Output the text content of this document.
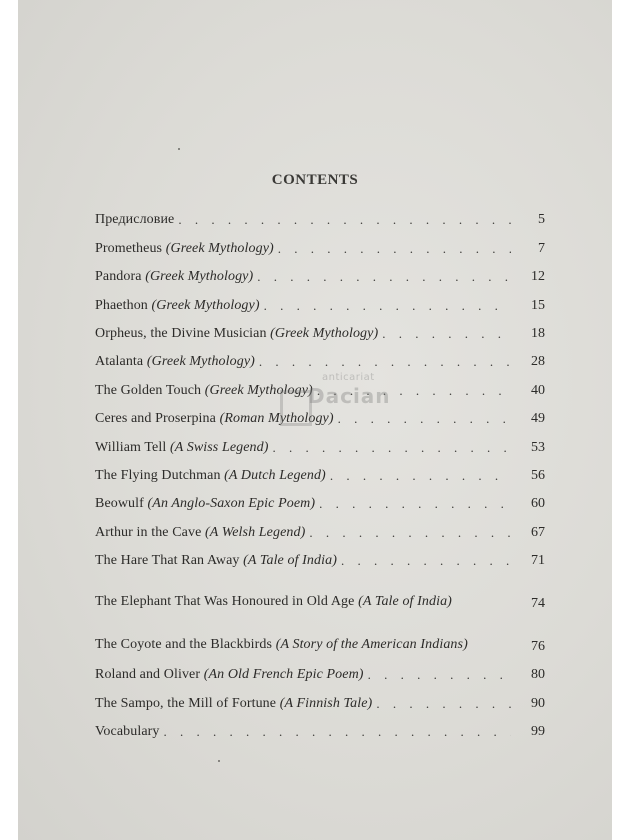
CONTENTS
Предисловие . . .	5
Prometheus (Greek Mythology) . . .	7
Pandora (Greek Mythology) . . .	12
Phaethon (Greek Mythology) . . .	15
Orpheus, the Divine Musician (Greek Mythology) . . .	18
Atalanta (Greek Mythology) . . .	28
The Golden Touch (Greek Mythology) . . .	40
Ceres and Proserpina (Roman Mythology) . . .	49
William Tell (A Swiss Legend) . . .	53
The Flying Dutchman (A Dutch Legend) . . .	56
Beowulf (An Anglo-Saxon Epic Poem) . . .	60
Arthur in the Cave (A Welsh Legend) . . .	67
The Hare That Ran Away (A Tale of India) . . .	71
The Elephant That Was Honoured in Old Age (A Tale of India)	74
The Coyote and the Blackbirds (A Story of the American Indians)	76
Roland and Oliver (An Old French Epic Poem) . . .	80
The Sampo, the Mill of Fortune (A Finnish Tale) . . .	90
Vocabulary . . .	99
anticariat
Dacian
